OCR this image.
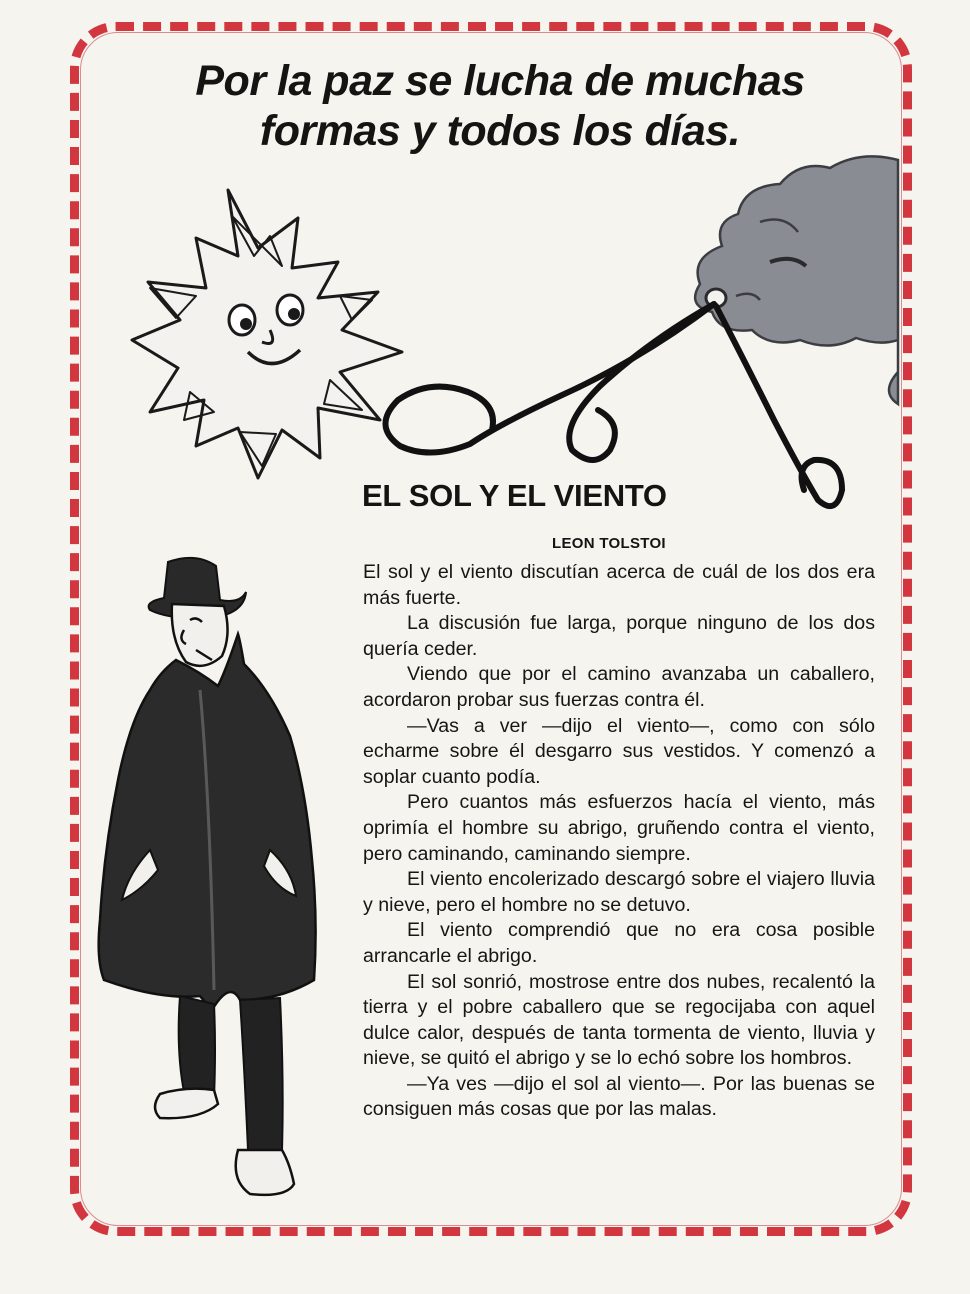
Por la paz se lucha de muchas
formas y todos los días.
EL SOL Y EL VIENTO

LEON TOLSTOI

El sol y el viento discutían acerca de cuál de los dos era más fuerte.

La discusión fue larga, porque ninguno de los dos quería ceder.

Viendo que por el camino avanzaba un caballero, acordaron probar sus fuerzas contra él.

—Vas a ver —dijo el viento—, como con sólo echarme sobre él desgarro sus vestidos. Y comenzó a soplar cuanto podía.

Pero cuantos más esfuerzos hacía el viento, más oprimía el hombre su abrigo, gruñendo contra el viento, pero caminando, caminando siempre.

El viento encolerizado descargó sobre el viajero lluvia y nieve, pero el hombre no se detuvo.

El viento comprendió que no era cosa posible arrancarle el abrigo.

El sol sonrió, mostrose entre dos nubes, recalentó la tierra y el pobre caballero que se regocijaba con aquel dulce calor, después de tanta tormenta de viento, lluvia y nieve, se quitó el abrigo y se lo echó sobre los hombros.

—Ya ves —dijo el sol al viento—. Por las buenas se consiguen más cosas que por las malas.
